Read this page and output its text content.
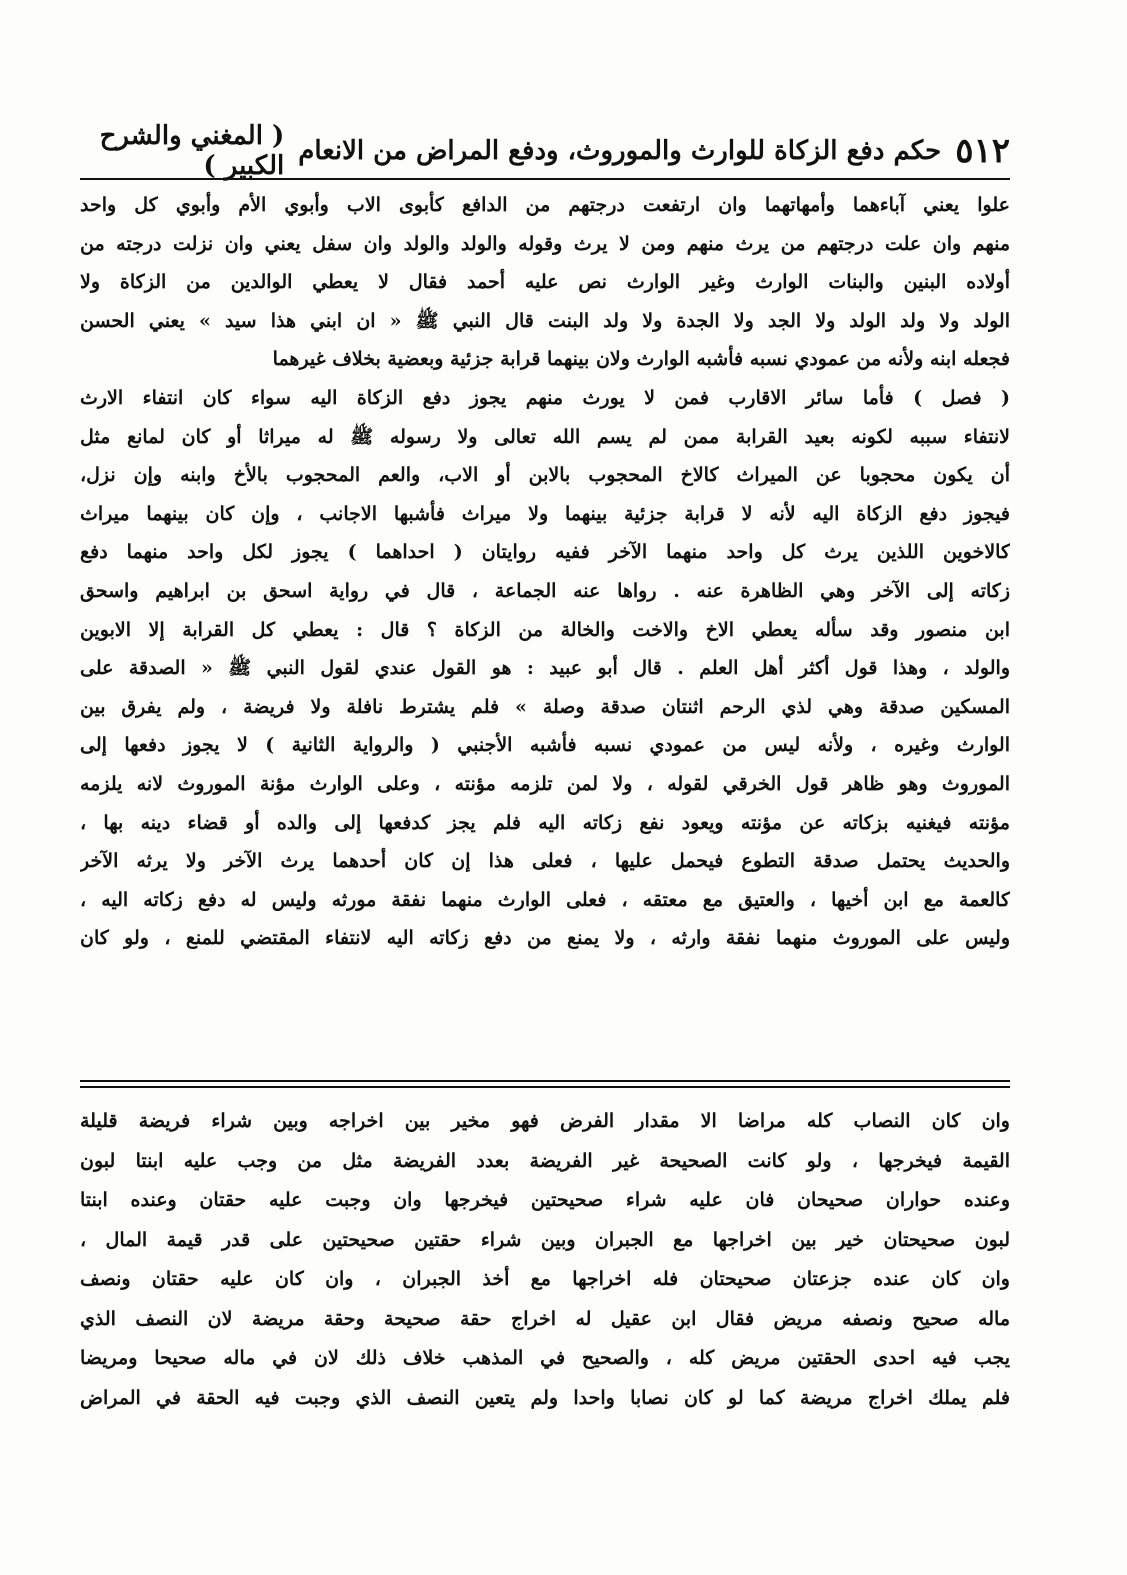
٥١٢
حكم دفع الزكاة للوارث والموروث، ودفع المراض من الانعام
( المغني والشرح الكبير )
علوا يعني آباءهما وأمهاتهما وان ارتفعت درجتهم من الدافع كأبوى الاب وأبوي الأم وأبوي كل واحد
منهم وان علت درجتهم من يرث منهم ومن لا يرث وقوله والولد والولد وان سفل يعني وان نزلت درجته من
أولاده البنين والبنات الوارث وغير الوارث نص عليه أحمد فقال لا يعطي الوالدين من الزكاة ولا
الولد ولا ولد الولد ولا الجد ولا الجدة ولا ولد البنت قال النبي ﷺ « ان ابني هذا سيد » يعني الحسن
فجعله ابنه ولأنه من عمودي نسبه فأشبه الوارث ولان بينهما قرابة جزئية وبعضية بخلاف غيرهما
( فصل ) فأما سائر الاقارب فمن لا يورث منهم يجوز دفع الزكاة اليه سواء كان انتفاء الارث
لانتفاء سببه لكونه بعيد القرابة ممن لم يسم الله تعالى ولا رسوله ﷺ له ميراثا أو كان لمانع مثل
أن يكون محجوبا عن الميراث كالاخ المحجوب بالابن أو الاب، والعم المحجوب بالأخ وابنه وإن نزل،
فيجوز دفع الزكاة اليه لأنه لا قرابة جزئية بينهما ولا ميراث فأشبها الاجانب ، وإن كان بينهما ميراث
كالاخوين اللذين يرث كل واحد منهما الآخر ففيه روايتان ( احداهما ) يجوز لكل واحد منهما دفع
زكاته إلى الآخر وهي الظاهرة عنه . رواها عنه الجماعة ، قال في رواية اسحق بن ابراهيم واسحق
ابن منصور وقد سأله يعطي الاخ والاخت والخالة من الزكاة ؟ قال : يعطي كل القرابة إلا الابوين
والولد ، وهذا قول أكثر أهل العلم . قال أبو عبيد : هو القول عندي لقول النبي ﷺ « الصدقة على
المسكين صدقة وهي لذي الرحم اثنتان صدقة وصلة » فلم يشترط نافلة ولا فريضة ، ولم يفرق بين
الوارث وغيره ، ولأنه ليس من عمودي نسبه فأشبه الأجنبي ( والرواية الثانية ) لا يجوز دفعها إلى
الموروث وهو ظاهر قول الخرقي لقوله ، ولا لمن تلزمه مؤنته ، وعلى الوارث مؤنة الموروث لانه يلزمه
مؤنته فيغنيه بزكاته عن مؤنته ويعود نفع زكاته اليه فلم يجز كدفعها إلى والده أو قضاء دينه بها ،
والحديث يحتمل صدقة التطوع فيحمل عليها ، فعلى هذا إن كان أحدهما يرث الآخر ولا يرثه الآخر
كالعمة مع ابن أخيها ، والعتيق مع معتقه ، فعلى الوارث منهما نفقة مورثه وليس له دفع زكاته اليه ،
وليس على الموروث منهما نفقة وارثه ، ولا يمنع من دفع زكاته اليه لانتفاء المقتضي للمنع ، ولو كان
وان كان النصاب كله مراضا الا مقدار الفرض فهو مخير بين اخراجه وبين شراء فريضة قليلة
القيمة فيخرجها ، ولو كانت الصحيحة غير الفريضة بعدد الفريضة مثل من وجب عليه ابنتا لبون
وعنده حواران صحيحان فان عليه شراء صحيحتين فيخرجها وان وجبت عليه حقتان وعنده ابنتا
لبون صحيحتان خير بين اخراجها مع الجبران وبين شراء حقتين صحيحتين على قدر قيمة المال ،
وان كان عنده جزعتان صحيحتان فله اخراجها مع أخذ الجبران ، وان كان عليه حقتان ونصف
ماله صحيح ونصفه مريض فقال ابن عقيل له اخراج حقة صحيحة وحقة مريضة لان النصف الذي
يجب فيه احدى الحقتين مريض كله ، والصحيح في المذهب خلاف ذلك لان في ماله صحيحا ومريضا
فلم يملك اخراج مريضة كما لو كان نصابا واحدا ولم يتعين النصف الذي وجبت فيه الحقة في المراض
